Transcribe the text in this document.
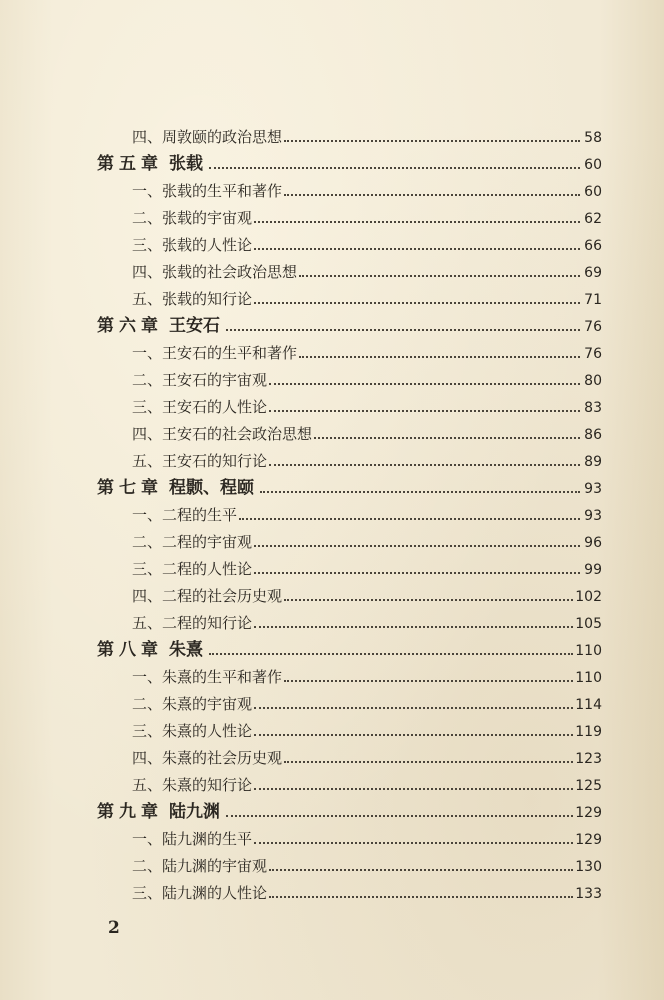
四、周敦颐的政治思想	58
第五章 张载	60
一、张载的生平和著作	60
二、张载的宇宙观	62
三、张载的人性论	66
四、张载的社会政治思想	69
五、张载的知行论	71
第六章 王安石	76
一、王安石的生平和著作	76
二、王安石的宇宙观	80
三、王安石的人性论	83
四、王安石的社会政治思想	86
五、王安石的知行论	89
第七章 程颢、程颐	93
一、二程的生平	93
二、二程的宇宙观	96
三、二程的人性论	99
四、二程的社会历史观	102
五、二程的知行论	105
第八章 朱熹	110
一、朱熹的生平和著作	110
二、朱熹的宇宙观	114
三、朱熹的人性论	119
四、朱熹的社会历史观	123
五、朱熹的知行论	125
第九章 陆九渊	129
一、陆九渊的生平	129
二、陆九渊的宇宙观	130
三、陆九渊的人性论	133
2
